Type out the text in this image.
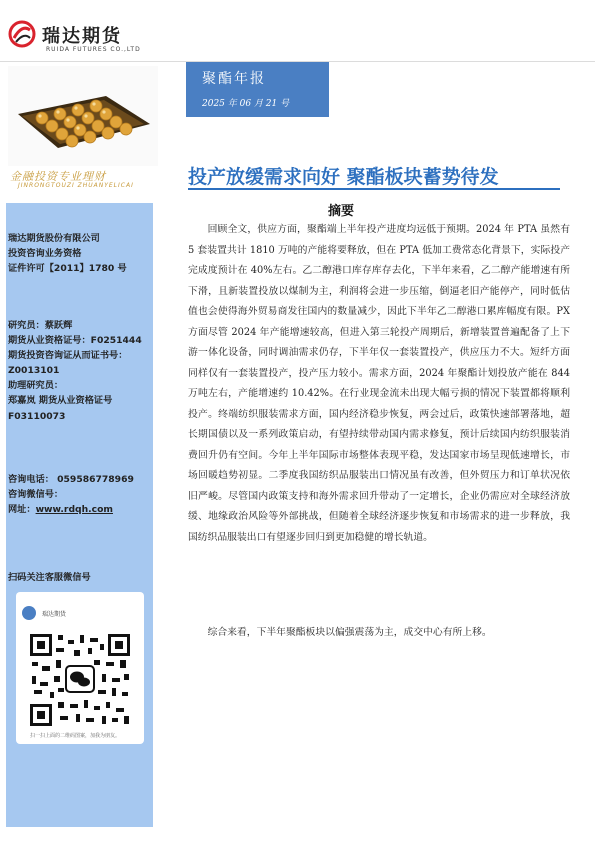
瑞达期货
RUIDA FUTURES CO.,LTD
金融投资专业理财
JINRONGTOUZI ZHUANYELICAI
聚酯年报
2025 年 06 月 21 号
投产放缓需求向好 聚酯板块蓄势待发
瑞达期货股份有限公司
投资咨询业务资格
证件许可【2011】1780 号
研究员：蔡跃辉
期货从业资格证号：F0251444
期货投资咨询证从而证书号：
Z0013101
助理研究员：
郑嘉岚 期货从业资格证号
F03110073
咨询电话： 059586778969
咨询微信号：
网址：www.rdqh.com
扫码关注客服微信号
瑞达期货
扫一扫上面的二维码图案，加我为朋友。
摘要

回顾全文，供应方面，聚酯端上半年投产进度均远低于预期。2024 年 PTA 虽然有 5 套装置共计 1810 万吨的产能将要释放，但在 PTA 低加工费常态化背景下，实际投产完成度预计在 40%左右。乙二醇港口库存库存去化，下半年来看，乙二醇产能增速有所下滑，且新装置投放以煤制为主，利润将会进一步压缩，倒逼老旧产能停产，同时低估值也会使得海外贸易商发往国内的数量减少，因此下半年乙二醇港口累库幅度有限。PX 方面尽管 2024 年产能增速较高，但进入第三轮投产周期后，新增装置普遍配备了上下游一体化设备，同时调油需求仍存，下半年仅一套装置投产，供应压力不大。短纤方面同样仅有一套装置投产，投产压力较小。需求方面，2024 年聚酯计划投放产能在 844 万吨左右，产能增速约 10.42%。在行业现金流未出现大幅亏损的情况下装置都将顺利投产。终端纺织服装需求方面，国内经济稳步恢复，两会过后，政策快速部署落地，超长期国债以及一系列政策启动，有望持续带动国内需求修复，预计后续国内纺织服装消费回升仍有空间。今年上半年国际市场整体表现平稳，发达国家市场呈现低速增长，市场回暖趋势初显。二季度我国纺织品服装出口情况虽有改善，但外贸压力和订单状况依旧严峻。尽管国内政策支持和海外需求回升带动了一定增长，企业仍需应对全球经济放缓、地缘政治风险等外部挑战，但随着全球经济逐步恢复和市场需求的进一步释放，我国纺织品服装出口有望逐步回归到更加稳健的增长轨道。

综合来看，下半年聚酯板块以偏强震荡为主，成交中心有所上移。
